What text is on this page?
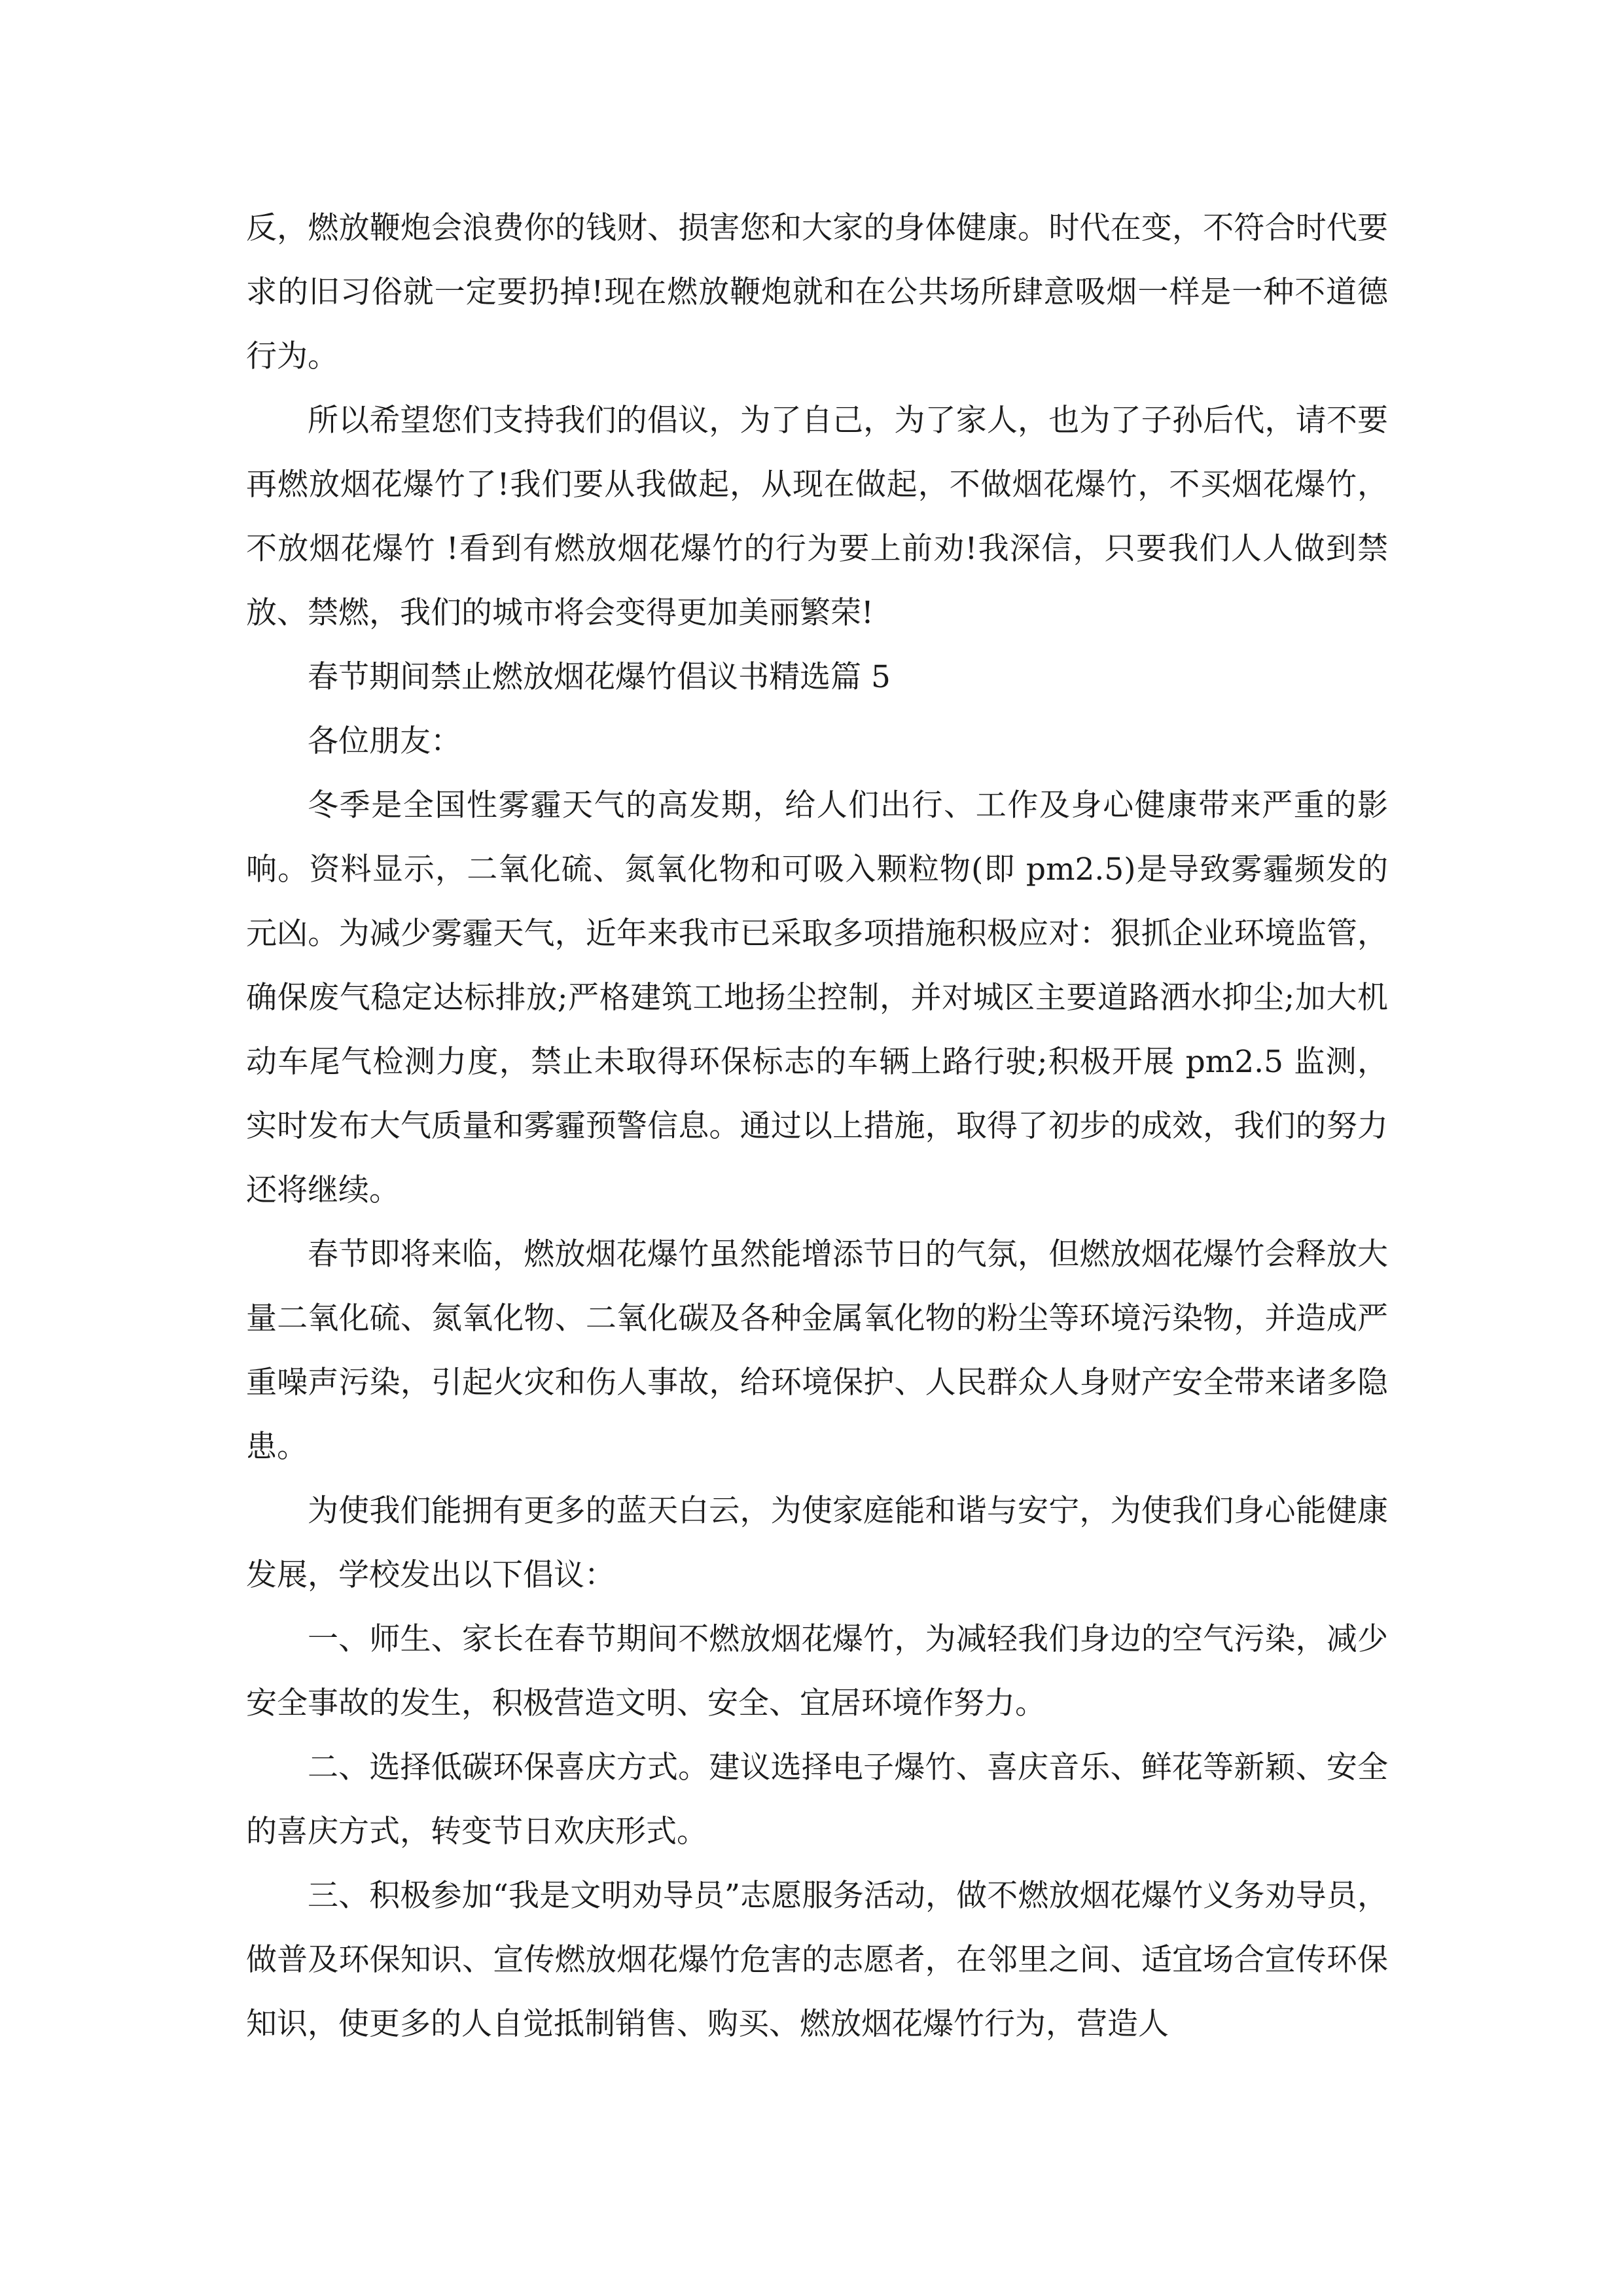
反，燃放鞭炮会浪费你的钱财、损害您和大家的身体健康。时代在变，不符合时代要求的旧习俗就一定要扔掉!现在燃放鞭炮就和在公共场所肆意吸烟一样是一种不道德行为。

所以希望您们支持我们的倡议，为了自己，为了家人，也为了子孙后代，请不要再燃放烟花爆竹了!我们要从我做起，从现在做起，不做烟花爆竹，不买烟花爆竹，不放烟花爆竹 !看到有燃放烟花爆竹的行为要上前劝!我深信，只要我们人人做到禁放、禁燃，我们的城市将会变得更加美丽繁荣!

春节期间禁止燃放烟花爆竹倡议书精选篇 5

各位朋友：

冬季是全国性雾霾天气的高发期，给人们出行、工作及身心健康带来严重的影响。资料显示，二氧化硫、氮氧化物和可吸入颗粒物(即 pm2.5)是导致雾霾频发的元凶。为减少雾霾天气，近年来我市已采取多项措施积极应对：狠抓企业环境监管，确保废气稳定达标排放;严格建筑工地扬尘控制，并对城区主要道路洒水抑尘;加大机动车尾气检测力度，禁止未取得环保标志的车辆上路行驶;积极开展 pm2.5 监测，实时发布大气质量和雾霾预警信息。通过以上措施，取得了初步的成效，我们的努力还将继续。

春节即将来临，燃放烟花爆竹虽然能增添节日的气氛，但燃放烟花爆竹会释放大量二氧化硫、氮氧化物、二氧化碳及各种金属氧化物的粉尘等环境污染物，并造成严重噪声污染，引起火灾和伤人事故，给环境保护、人民群众人身财产安全带来诸多隐患。

为使我们能拥有更多的蓝天白云，为使家庭能和谐与安宁，为使我们身心能健康发展，学校发出以下倡议：

一、师生、家长在春节期间不燃放烟花爆竹，为减轻我们身边的空气污染，减少安全事故的发生，积极营造文明、安全、宜居环境作努力。

二、选择低碳环保喜庆方式。建议选择电子爆竹、喜庆音乐、鲜花等新颖、安全的喜庆方式，转变节日欢庆形式。

三、积极参加“我是文明劝导员”志愿服务活动，做不燃放烟花爆竹义务劝导员，做普及环保知识、宣传燃放烟花爆竹危害的志愿者，在邻里之间、适宜场合宣传环保知识，使更多的人自觉抵制销售、购买、燃放烟花爆竹行为，营造人
